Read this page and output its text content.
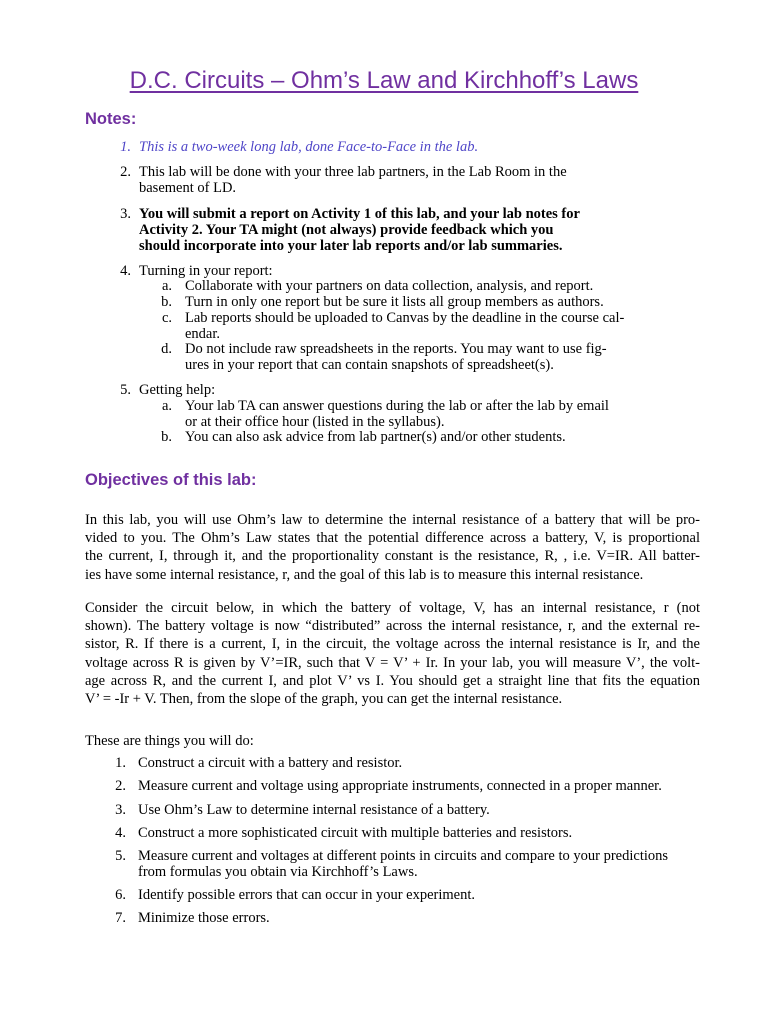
D.C. Circuits – Ohm’s Law and Kirchhoff’s Laws
Notes:
1. This is a two-week long lab, done Face-to-Face in the lab.
2. This lab will be done with your three lab partners, in the Lab Room in the
basement of LD.
3. You will submit a report on Activity 1 of this lab, and your lab notes for
Activity 2. Your TA might (not always) provide feedback which you
should incorporate into your later lab reports and/or lab summaries.
4. Turning in your report:
a. Collaborate with your partners on data collection, analysis, and report.
b. Turn in only one report but be sure it lists all group members as authors.
c. Lab reports should be uploaded to Canvas by the deadline in the course cal-
endar.
d. Do not include raw spreadsheets in the reports. You may want to use fig-
ures in your report that can contain snapshots of spreadsheet(s).
5. Getting help:
a. Your lab TA can answer questions during the lab or after the lab by email
or at their office hour (listed in the syllabus).
b. You can also ask advice from lab partner(s) and/or other students.
Objectives of this lab:
In this lab, you will use Ohm’s law to determine the internal resistance of a battery that will be pro-
vided to you. The Ohm’s Law states that the potential difference across a battery, V, is proportional
the current, I, through it, and the proportionality constant is the resistance, R, , i.e. V=IR. All batter-
ies have some internal resistance, r, and the goal of this lab is to measure this internal resistance.
Consider the circuit below, in which the battery of voltage, V, has an internal resistance, r (not
shown). The battery voltage is now “distributed” across the internal resistance, r, and the external re-
sistor, R. If there is a current, I, in the circuit, the voltage across the internal resistance is Ir, and the
voltage across R is given by V’=IR, such that V = V’ + Ir. In your lab, you will measure V’, the volt-
age across R, and the current I, and plot V’ vs I. You should get a straight line that fits the equation
V’ = -Ir + V. Then, from the slope of the graph, you can get the internal resistance.
These are things you will do:
1. Construct a circuit with a battery and resistor.
2. Measure current and voltage using appropriate instruments, connected in a proper manner.
3. Use Ohm’s Law to determine internal resistance of a battery.
4. Construct a more sophisticated circuit with multiple batteries and resistors.
5. Measure current and voltages at different points in circuits and compare to your predictions
from formulas you obtain via Kirchhoff’s Laws.
6. Identify possible errors that can occur in your experiment.
7. Minimize those errors.
